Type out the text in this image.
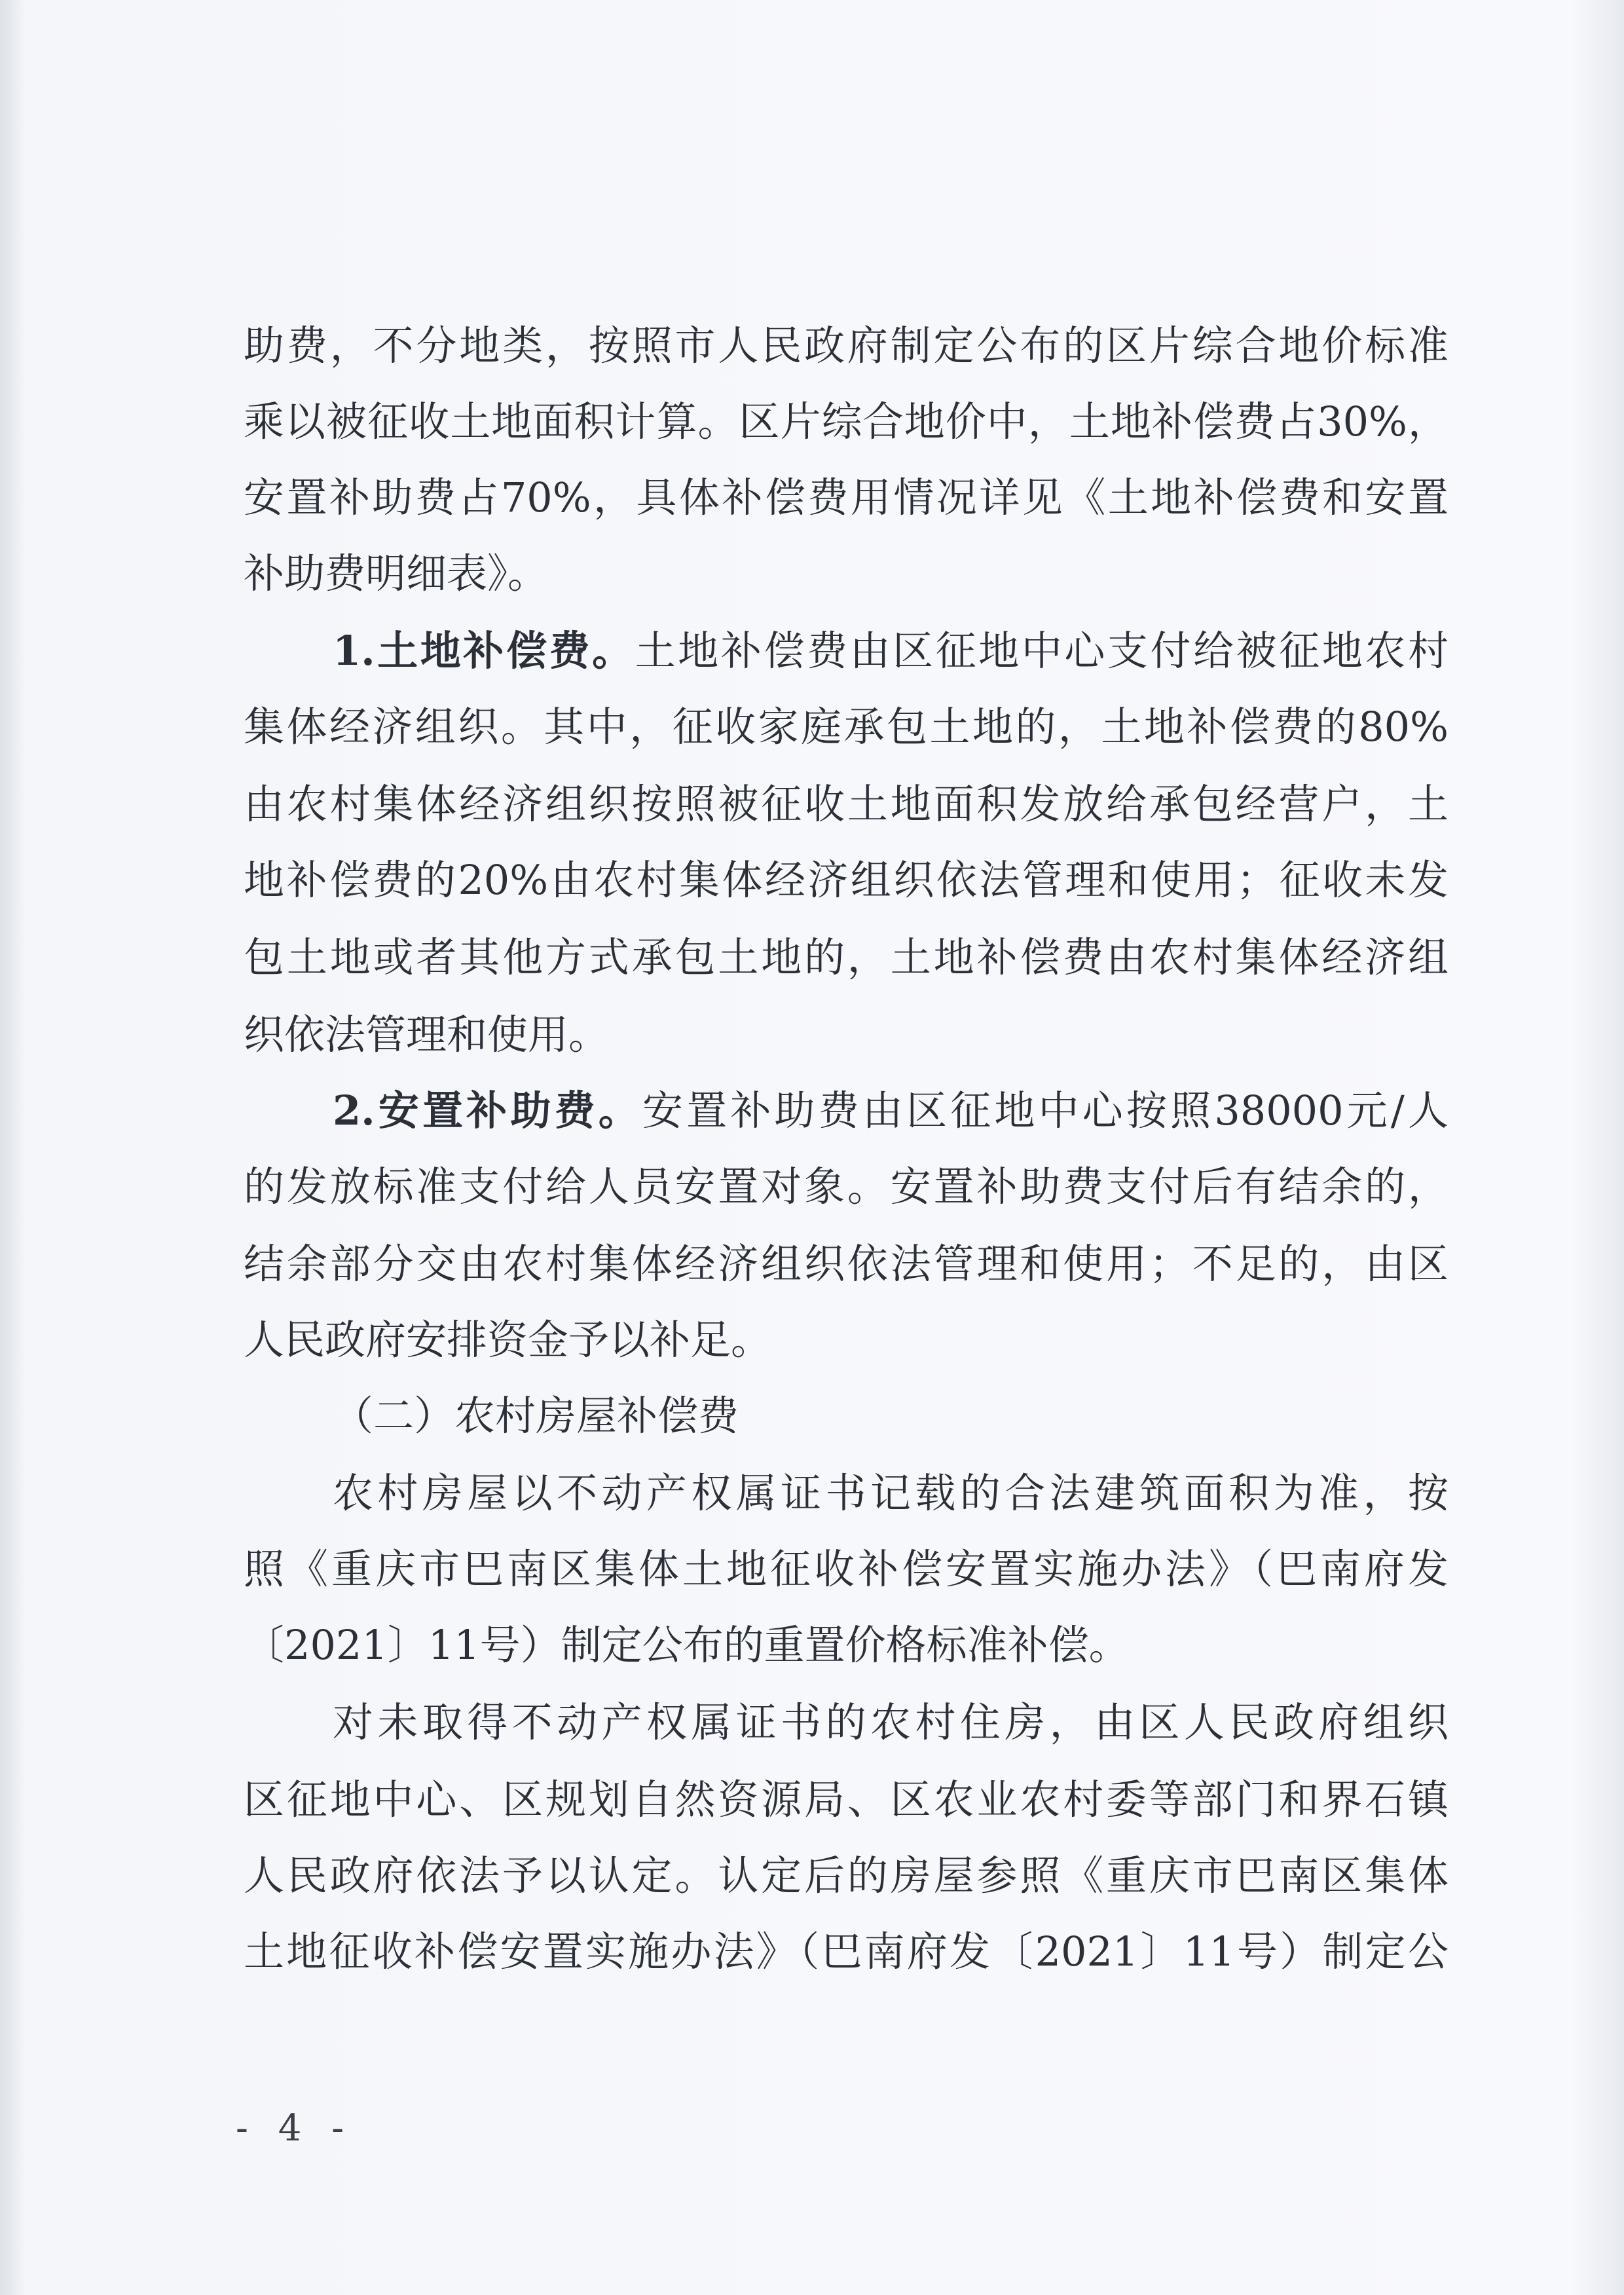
助费，不分地类，按照市人民政府制定公布的区片综合地价标准
乘以被征收土地面积计算。区片综合地价中，土地补偿费占30%，
安置补助费占70%，具体补偿费用情况详见《土地补偿费和安置
补助费明细表》。
1.土地补偿费。土地补偿费由区征地中心支付给被征地农村
集体经济组织。其中，征收家庭承包土地的，土地补偿费的80%
由农村集体经济组织按照被征收土地面积发放给承包经营户，土
地补偿费的20%由农村集体经济组织依法管理和使用；征收未发
包土地或者其他方式承包土地的，土地补偿费由农村集体经济组
织依法管理和使用。
2.安置补助费。安置补助费由区征地中心按照38000元/人
的发放标准支付给人员安置对象。安置补助费支付后有结余的，
结余部分交由农村集体经济组织依法管理和使用；不足的，由区
人民政府安排资金予以补足。
（二）农村房屋补偿费
农村房屋以不动产权属证书记载的合法建筑面积为准，按
照《重庆市巴南区集体土地征收补偿安置实施办法》（巴南府发
〔2021〕11号）制定公布的重置价格标准补偿。
对未取得不动产权属证书的农村住房，由区人民政府组织
区征地中心、区规划自然资源局、区农业农村委等部门和界石镇
人民政府依法予以认定。认定后的房屋参照《重庆市巴南区集体
土地征收补偿安置实施办法》（巴南府发〔2021〕11号）制定公
- 4 -
